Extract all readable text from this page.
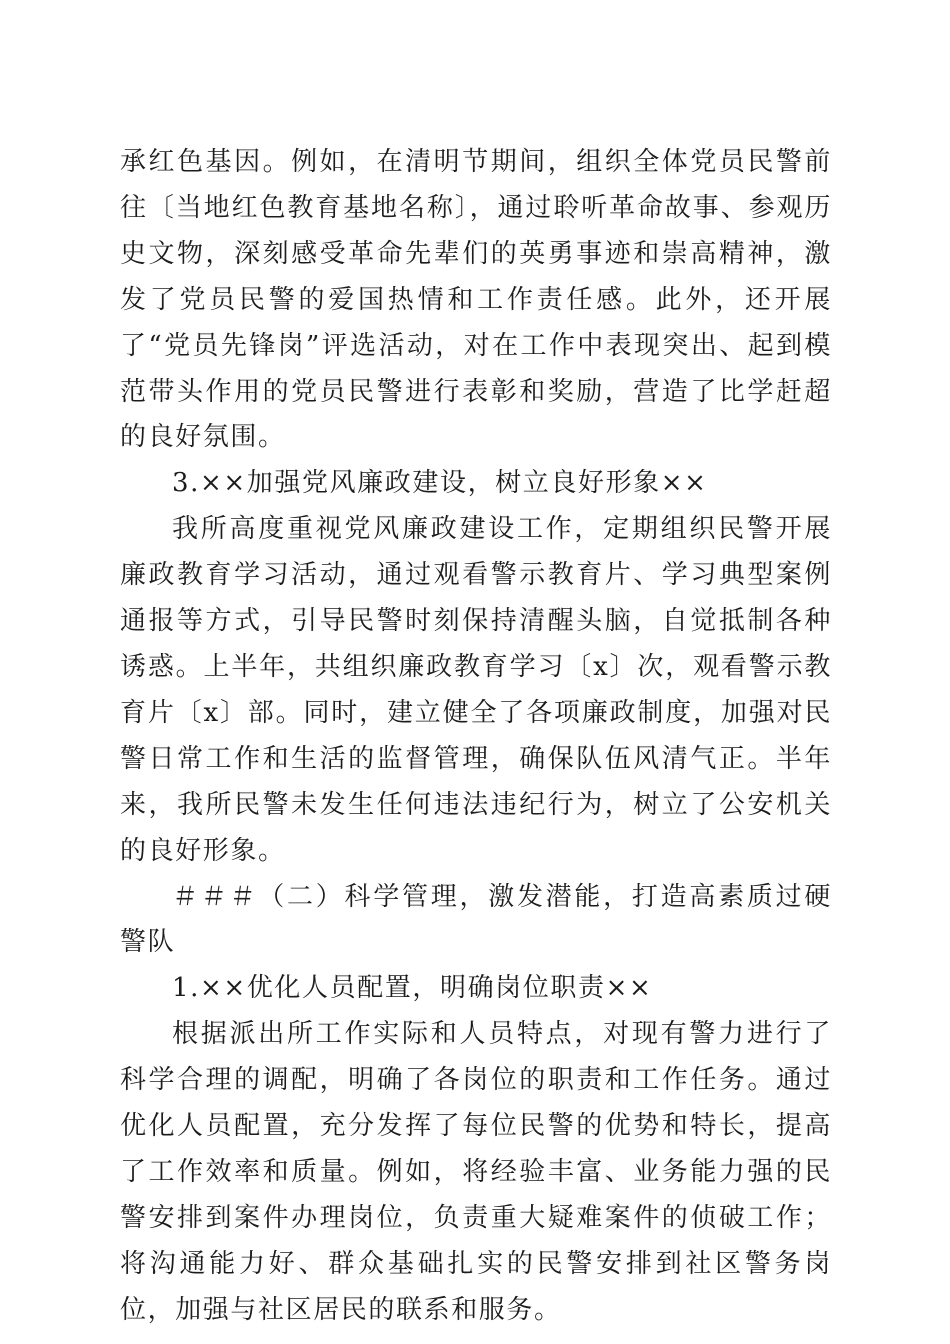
承红色基因。例如，在清明节期间，组织全体党员民警前往〔当地红色教育基地名称〕，通过聆听革命故事、参观历史文物，深刻感受革命先辈们的英勇事迹和崇高精神，激发了党员民警的爱国热情和工作责任感。此外，还开展了“党员先锋岗”评选活动，对在工作中表现突出、起到模范带头作用的党员民警进行表彰和奖励，营造了比学赶超的良好氛围。

3.××加强党风廉政建设，树立良好形象××

我所高度重视党风廉政建设工作，定期组织民警开展廉政教育学习活动，通过观看警示教育片、学习典型案例通报等方式，引导民警时刻保持清醒头脑，自觉抵制各种诱惑。上半年，共组织廉政教育学习〔x〕次，观看警示教育片〔x〕部。同时，建立健全了各项廉政制度，加强对民警日常工作和生活的监督管理，确保队伍风清气正。半年来，我所民警未发生任何违法违纪行为，树立了公安机关的良好形象。

＃＃＃（二）科学管理，激发潜能，打造高素质过硬警队

1.××优化人员配置，明确岗位职责××

根据派出所工作实际和人员特点，对现有警力进行了科学合理的调配，明确了各岗位的职责和工作任务。通过优化人员配置，充分发挥了每位民警的优势和特长，提高了工作效率和质量。例如，将经验丰富、业务能力强的民警安排到案件办理岗位，负责重大疑难案件的侦破工作；将沟通能力好、群众基础扎实的民警安排到社区警务岗位，加强与社区居民的联系和服务。
